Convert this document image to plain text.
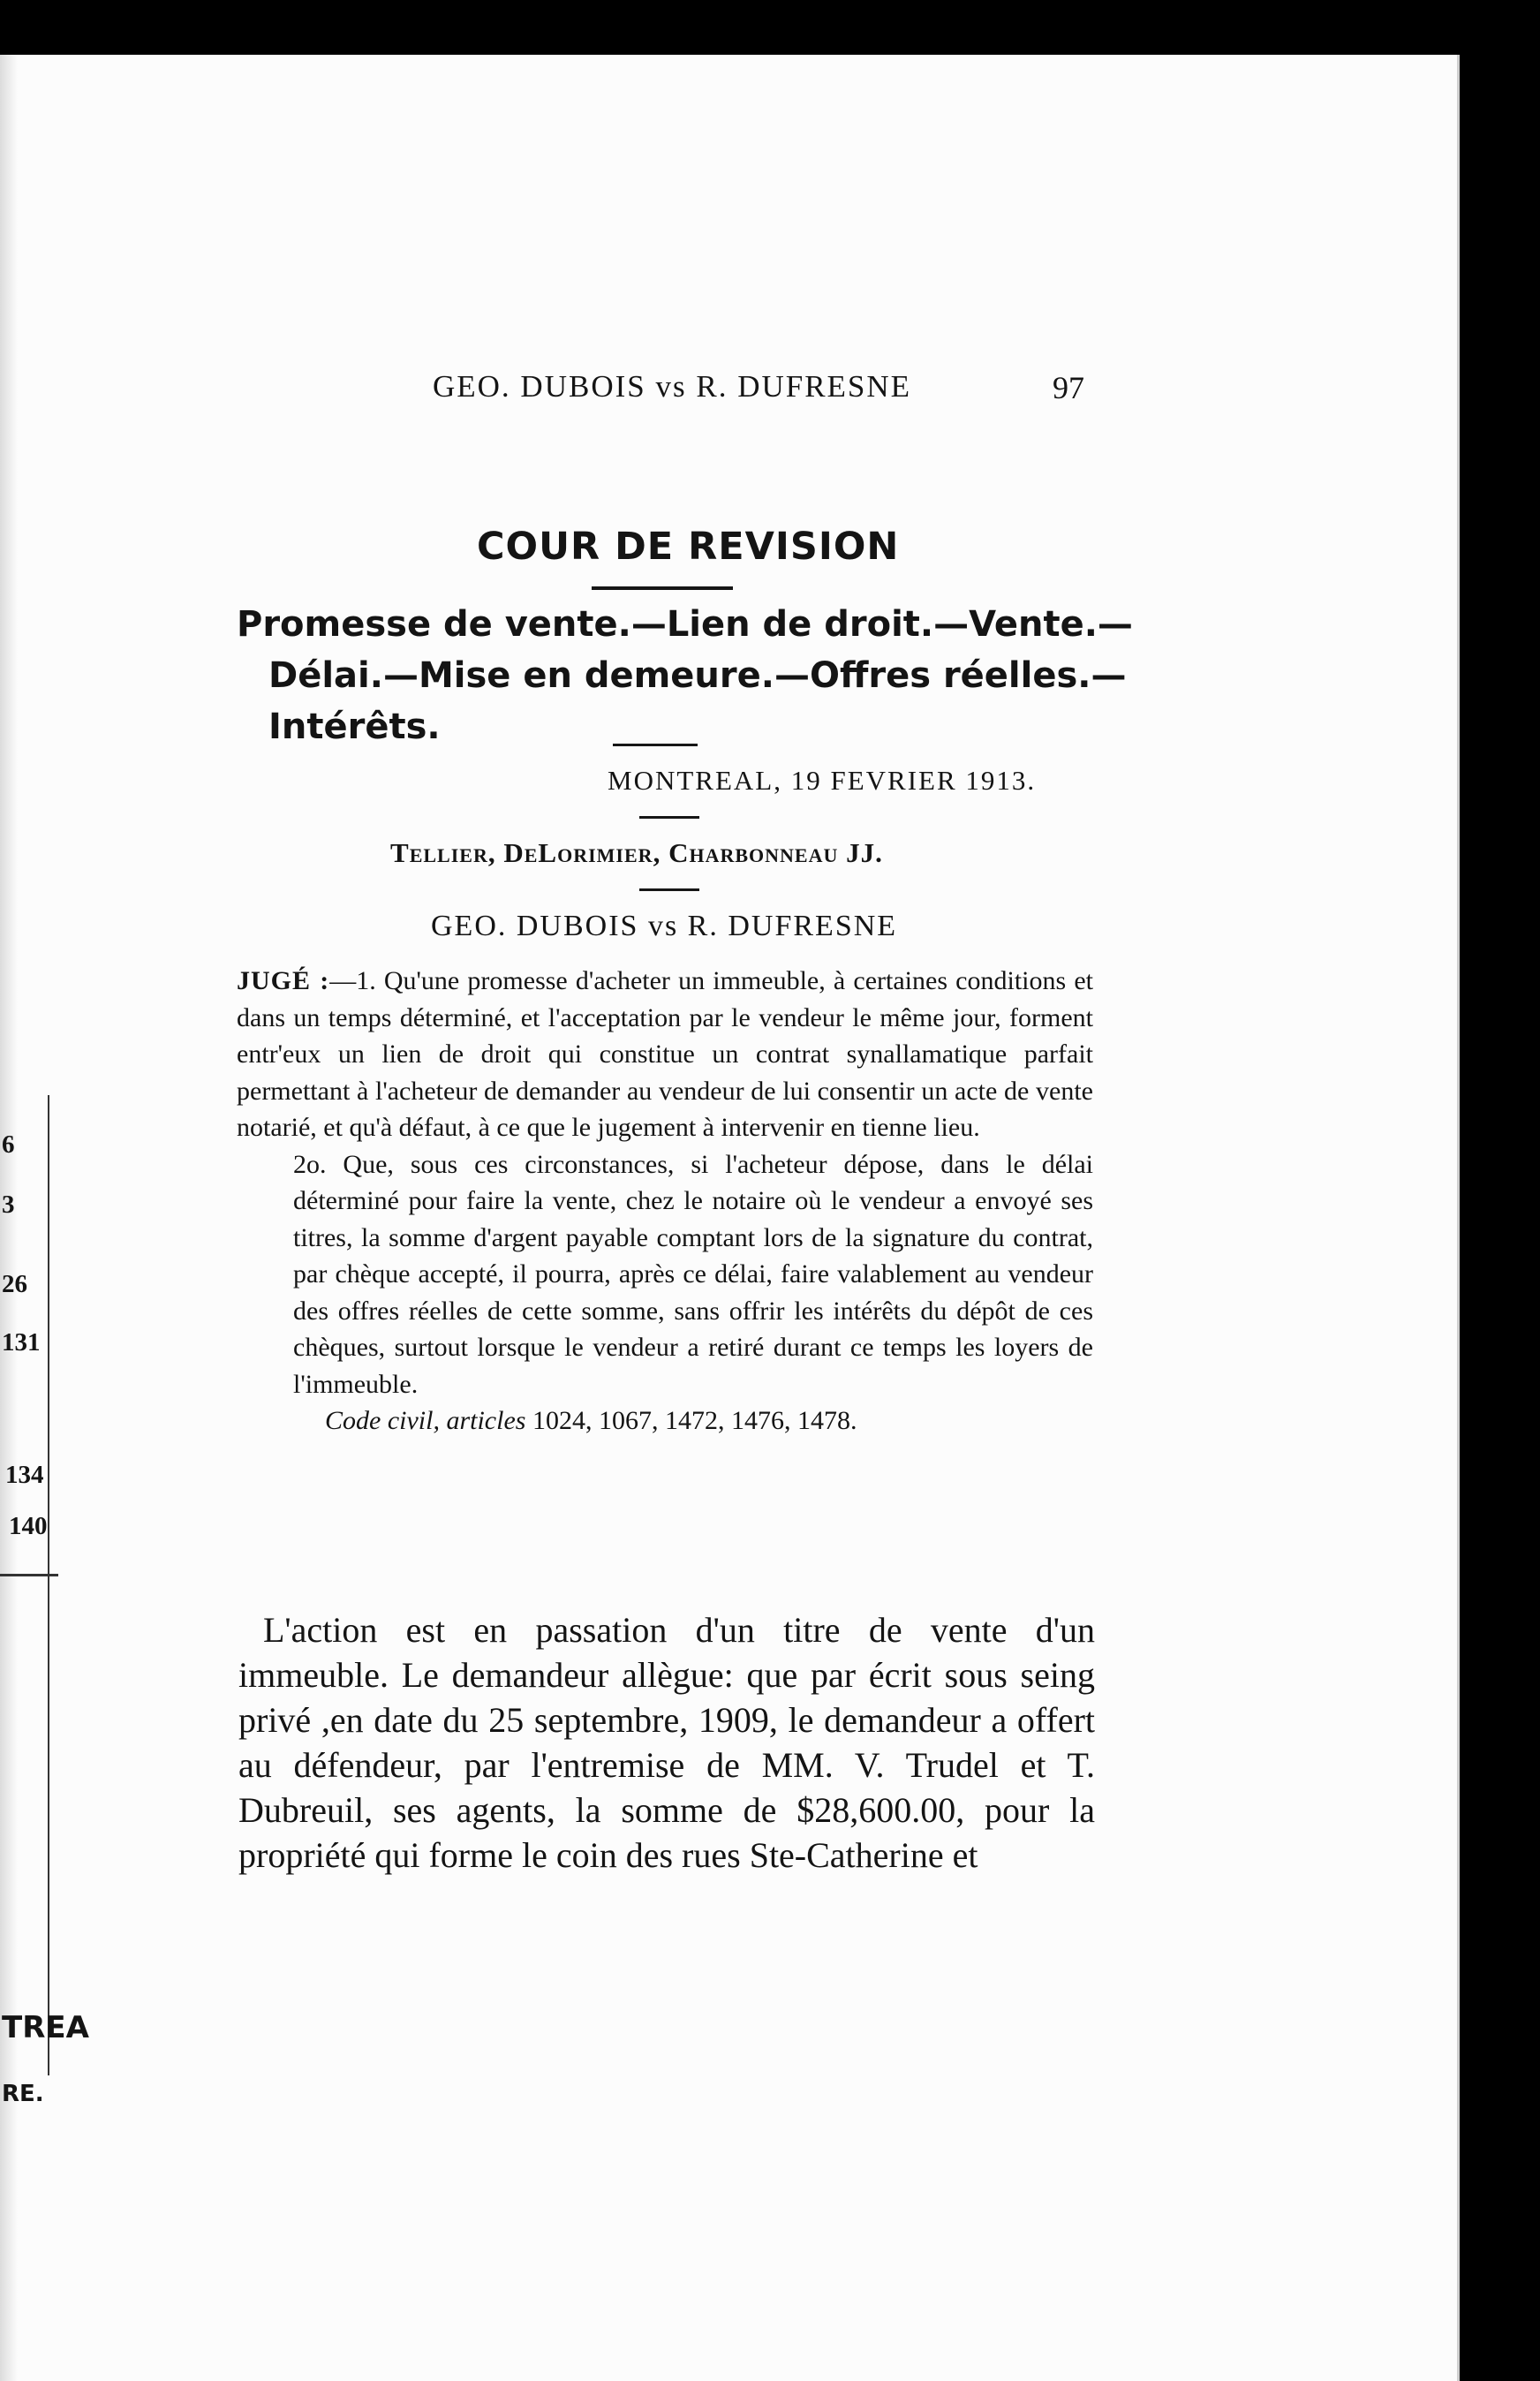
6
3
26
131
134
140
TREA
RE.
GEO. DUBOIS vs R. DUFRESNE	97
COUR DE REVISION
Promesse de vente.—Lien de droit.—Vente.—
Délai.—Mise en demeure.—Offres réelles.—
Intérêts.
MONTREAL, 19 FEVRIER 1913.
TELLIER, DELORIMIER, CHARBONNEAU JJ.
GEO. DUBOIS vs R. DUFRESNE

JUGÉ :—1. Qu'une promesse d'acheter un immeuble, à certaines conditions et dans un temps déterminé, et l'acceptation par le vendeur le même jour, forment entr'eux un lien de droit qui constitue un contrat synallamatique parfait permettant à l'acheteur de demander au vendeur de lui consentir un acte de vente notarié, et qu'à défaut, à ce que le jugement à intervenir en tienne lieu.

2o. Que, sous ces circonstances, si l'acheteur dépose, dans le délai déterminé pour faire la vente, chez le notaire où le vendeur a envoyé ses titres, la somme d'argent payable comptant lors de la signature du contrat, par chèque accepté, il pourra, après ce délai, faire valablement au vendeur des offres réelles de cette somme, sans offrir les intérêts du dépôt de ces chèques, surtout lorsque le vendeur a retiré durant ce temps les loyers de l'immeuble.

Code civil, articles 1024, 1067, 1472, 1476, 1478.

L'action est en passation d'un titre de vente d'un immeuble. Le demandeur allègue: que par écrit sous seing privé ,en date du 25 septembre, 1909, le demandeur a offert au défendeur, par l'entremise de MM. V. Trudel et T. Dubreuil, ses agents, la somme de $28,600.00, pour la propriété qui forme le coin des rues Ste-Catherine et
